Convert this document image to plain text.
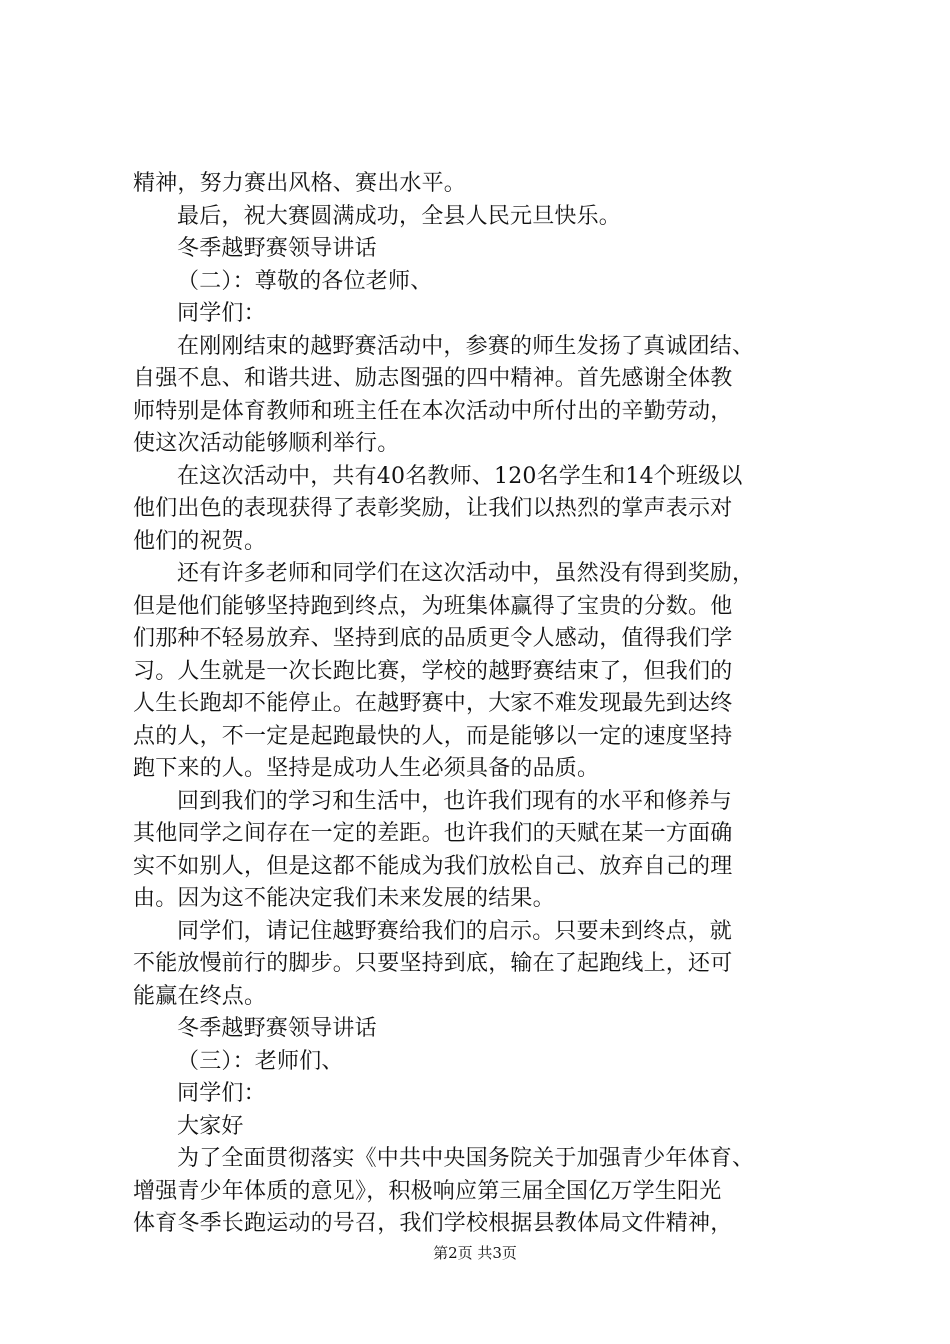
精神，努力赛出风格、赛出水平。
最后，祝大赛圆满成功，全县人民元旦快乐。
冬季越野赛领导讲话
（二）：尊敬的各位老师、
同学们：
在刚刚结束的越野赛活动中，参赛的师生发扬了真诚团结、
自强不息、和谐共进、励志图强的四中精神。首先感谢全体教
师特别是体育教师和班主任在本次活动中所付出的辛勤劳动，
使这次活动能够顺利举行。
在这次活动中，共有40名教师、120名学生和14个班级以
他们出色的表现获得了表彰奖励，让我们以热烈的掌声表示对
他们的祝贺。
还有许多老师和同学们在这次活动中，虽然没有得到奖励，
但是他们能够坚持跑到终点，为班集体赢得了宝贵的分数。他
们那种不轻易放弃、坚持到底的品质更令人感动，值得我们学
习。人生就是一次长跑比赛，学校的越野赛结束了，但我们的
人生长跑却不能停止。在越野赛中，大家不难发现最先到达终
点的人，不一定是起跑最快的人，而是能够以一定的速度坚持
跑下来的人。坚持是成功人生必须具备的品质。
回到我们的学习和生活中，也许我们现有的水平和修养与
其他同学之间存在一定的差距。也许我们的天赋在某一方面确
实不如别人，但是这都不能成为我们放松自己、放弃自己的理
由。因为这不能决定我们未来发展的结果。
同学们，请记住越野赛给我们的启示。只要未到终点，就
不能放慢前行的脚步。只要坚持到底，输在了起跑线上，还可
能赢在终点。
冬季越野赛领导讲话
（三）：老师们、
同学们：
大家好
为了全面贯彻落实《中共中央国务院关于加强青少年体育、
增强青少年体质的意见》，积极响应第三届全国亿万学生阳光
体育冬季长跑运动的号召，我们学校根据县教体局文件精神，
第2页 共3页
